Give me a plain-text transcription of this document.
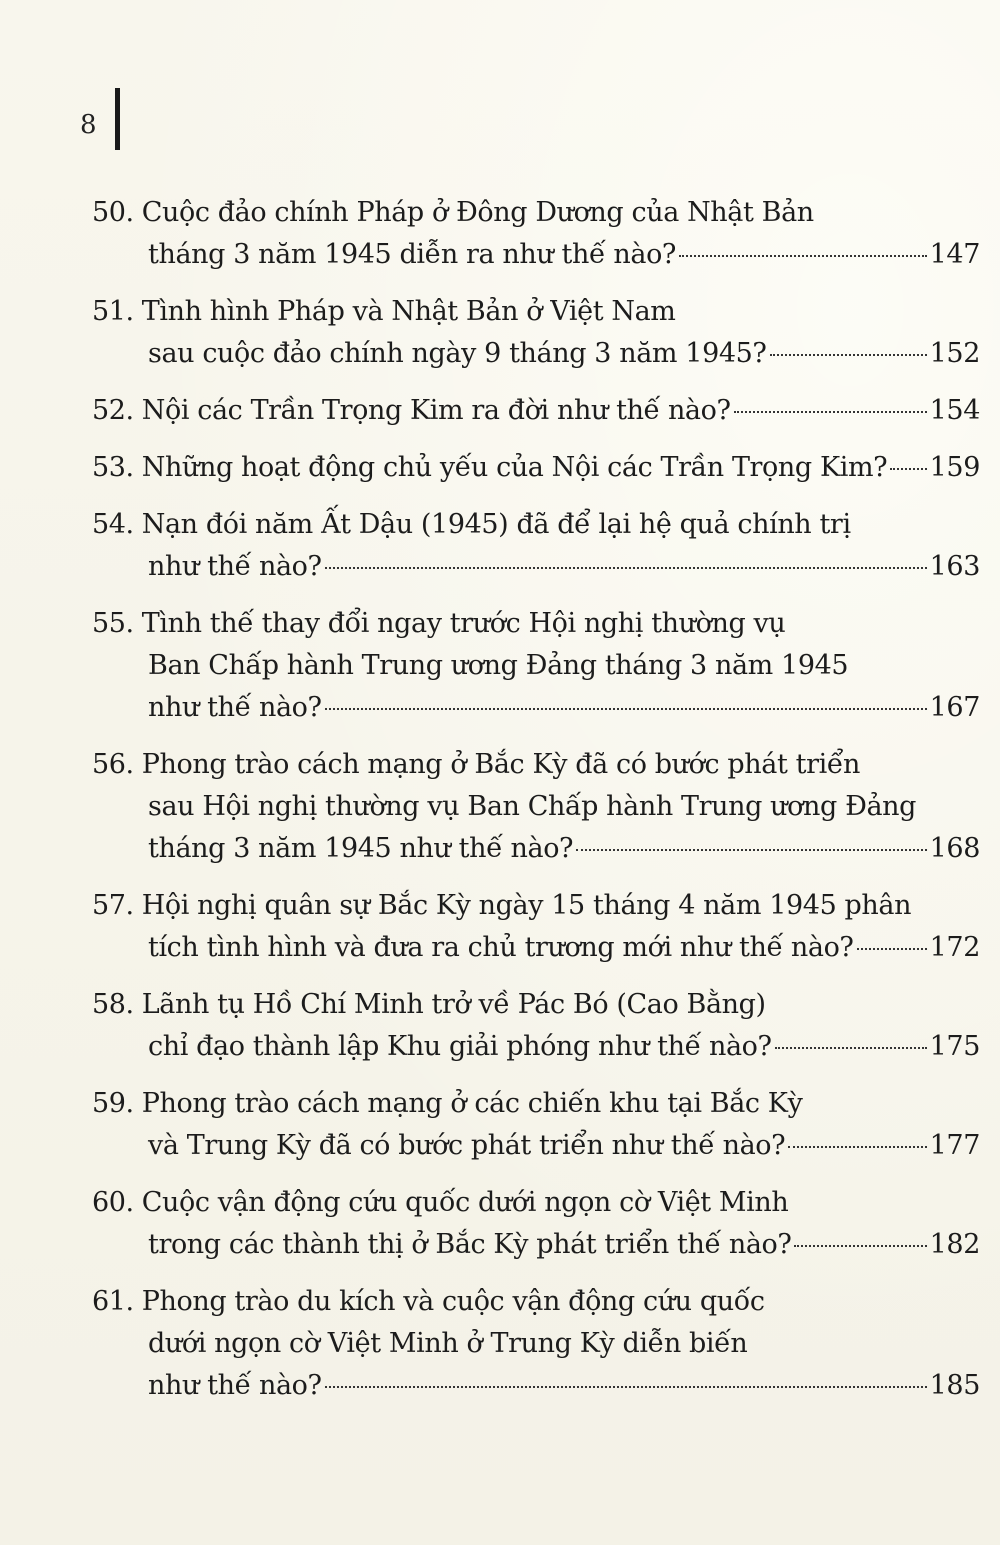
8
50. Cuộc đảo chính Pháp ở Đông Dương của Nhật Bản
tháng 3 năm 1945 diễn ra như thế nào?	147
51. Tình hình Pháp và Nhật Bản ở Việt Nam
sau cuộc đảo chính ngày 9 tháng 3 năm 1945?	152
52. Nội các Trần Trọng Kim ra đời như thế nào?	154
53. Những hoạt động chủ yếu của Nội các Trần Trọng Kim? 159
54. Nạn đói năm Ất Dậu (1945) đã để lại hệ quả chính trị
như thế nào?	163
55. Tình thế thay đổi ngay trước Hội nghị thường vụ
Ban Chấp hành Trung ương Đảng tháng 3 năm 1945
như thế nào?	167
56. Phong trào cách mạng ở Bắc Kỳ đã có bước phát triển
sau Hội nghị thường vụ Ban Chấp hành Trung ương Đảng
tháng 3 năm 1945 như thế nào?	168
57. Hội nghị quân sự Bắc Kỳ ngày 15 tháng 4 năm 1945 phân
tích tình hình và đưa ra chủ trương mới như thế nào?	172
58. Lãnh tụ Hồ Chí Minh trở về Pác Bó (Cao Bằng)
chỉ đạo thành lập Khu giải phóng như thế nào?	175
59. Phong trào cách mạng ở các chiến khu tại Bắc Kỳ
và Trung Kỳ đã có bước phát triển như thế nào?	177
60. Cuộc vận động cứu quốc dưới ngọn cờ Việt Minh
trong các thành thị ở Bắc Kỳ phát triển thế nào?	182
61. Phong trào du kích và cuộc vận động cứu quốc
dưới ngọn cờ Việt Minh ở Trung Kỳ diễn biến
như thế nào?	185
